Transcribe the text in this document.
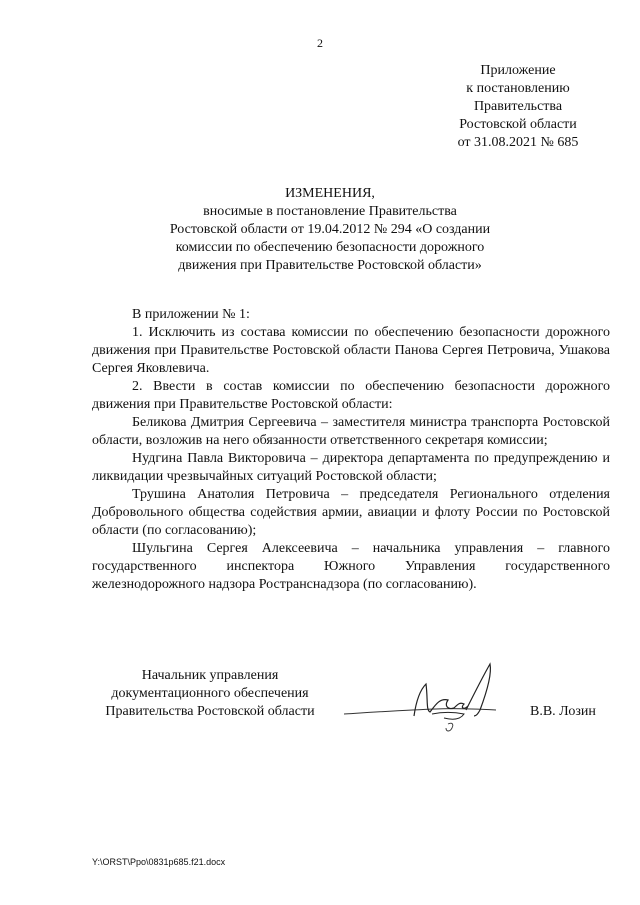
2
Приложение
к постановлению
Правительства
Ростовской области
от 31.08.2021 № 685
ИЗМЕНЕНИЯ,
вносимые в постановление Правительства
Ростовской области от 19.04.2012 № 294 «О создании
комиссии по обеспечению безопасности дорожного
движения при Правительстве Ростовской области»
В приложении № 1:
1. Исключить из состава комиссии по обеспечению безопасности дорожного движения при Правительстве Ростовской области Панова Сергея Петровича, Ушакова Сергея Яковлевича.
2. Ввести в состав комиссии по обеспечению безопасности дорожного движения при Правительстве Ростовской области:
Беликова Дмитрия Сергеевича – заместителя министра транспорта Ростовской области, возложив на него обязанности ответственного секретаря комиссии;
Нудгина Павла Викторовича – директора департамента по предупреждению и ликвидации чрезвычайных ситуаций Ростовской области;
Трушина Анатолия Петровича – председателя Регионального отделения Добровольного общества содействия армии, авиации и флоту России по Ростовской области (по согласованию);
Шульгина Сергея Алексеевича – начальника управления – главного государственного инспектора Южного Управления государственного железнодорожного надзора Ространснадзора (по согласованию).
Начальник управления
документационного обеспечения
Правительства Ростовской области	В.В. Лозин
Y:\ORST\Ppo\0831p685.f21.docx
